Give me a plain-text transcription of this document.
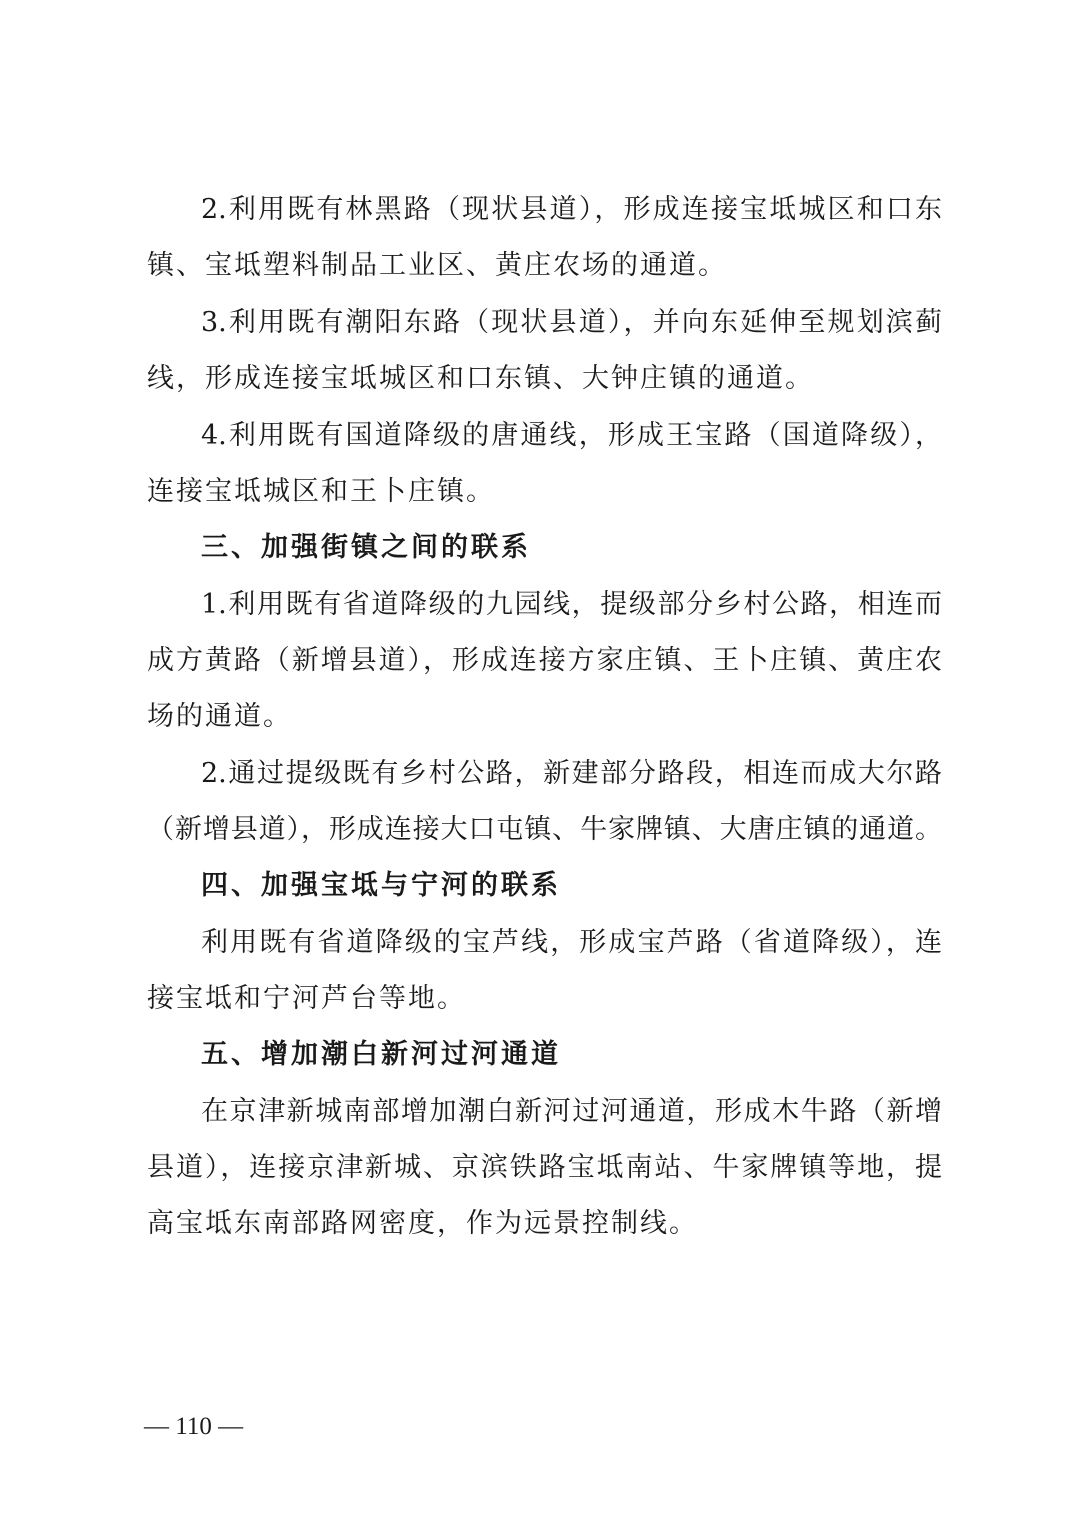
2.利用既有林黑路（现状县道），形成连接宝坻城区和口东
镇、宝坻塑料制品工业区、黄庄农场的通道。
3.利用既有潮阳东路（现状县道），并向东延伸至规划滨蓟
线，形成连接宝坻城区和口东镇、大钟庄镇的通道。
4.利用既有国道降级的唐通线，形成王宝路（国道降级），
连接宝坻城区和王卜庄镇。
三、加强街镇之间的联系
1.利用既有省道降级的九园线，提级部分乡村公路，相连而
成方黄路（新增县道），形成连接方家庄镇、王卜庄镇、黄庄农
场的通道。
2.通过提级既有乡村公路，新建部分路段，相连而成大尔路
（新增县道），形成连接大口屯镇、牛家牌镇、大唐庄镇的通道。
四、加强宝坻与宁河的联系
利用既有省道降级的宝芦线，形成宝芦路（省道降级），连
接宝坻和宁河芦台等地。
五、增加潮白新河过河通道
在京津新城南部增加潮白新河过河通道，形成木牛路（新增
县道），连接京津新城、京滨铁路宝坻南站、牛家牌镇等地，提
高宝坻东南部路网密度，作为远景控制线。
— 110 —
